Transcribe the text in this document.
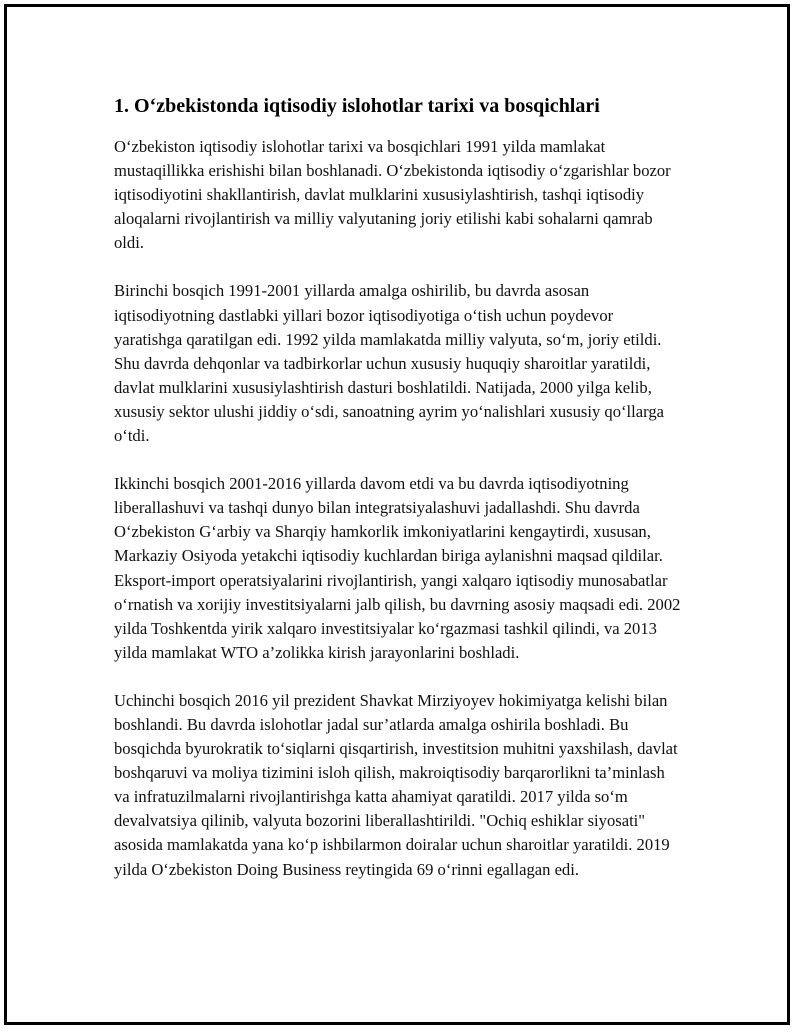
1. O‘zbekistonda iqtisodiy islohotlar tarixi va bosqichlari

O‘zbekiston iqtisodiy islohotlar tarixi va bosqichlari 1991 yilda mamlakat mustaqillikka erishishi bilan boshlanadi. O‘zbekistonda iqtisodiy o‘zgarishlar bozor iqtisodiyotini shakllantirish, davlat mulklarini xususiylashtirish, tashqi iqtisodiy aloqalarni rivojlantirish va milliy valyutaning joriy etilishi kabi sohalarni qamrab oldi.

Birinchi bosqich 1991-2001 yillarda amalga oshirilib, bu davrda asosan iqtisodiyotning dastlabki yillari bozor iqtisodiyotiga o‘tish uchun poydevor yaratishga qaratilgan edi. 1992 yilda mamlakatda milliy valyuta, so‘m, joriy etildi. Shu davrda dehqonlar va tadbirkorlar uchun xususiy huquqiy sharoitlar yaratildi, davlat mulklarini xususiylashtirish dasturi boshlatildi. Natijada, 2000 yilga kelib, xususiy sektor ulushi jiddiy o‘sdi, sanoatning ayrim yo‘nalishlari xususiy qo‘llarga o‘tdi.

Ikkinchi bosqich 2001-2016 yillarda davom etdi va bu davrda iqtisodiyotning liberallashuvi va tashqi dunyo bilan integratsiyalashuvi jadallashdi. Shu davrda O‘zbekiston G‘arbiy va Sharqiy hamkorlik imkoniyatlarini kengaytirdi, xususan, Markaziy Osiyoda yetakchi iqtisodiy kuchlardan biriga aylanishni maqsad qildilar. Eksport-import operatsiyalarini rivojlantirish, yangi xalqaro iqtisodiy munosabatlar o‘rnatish va xorijiy investitsiyalarni jalb qilish, bu davrning asosiy maqsadi edi. 2002 yilda Toshkentda yirik xalqaro investitsiyalar ko‘rgazmasi tashkil qilindi, va 2013 yilda mamlakat WTO a’zolikka kirish jarayonlarini boshladi.

Uchinchi bosqich 2016 yil prezident Shavkat Mirziyoyev hokimiyatga kelishi bilan boshlandi. Bu davrda islohotlar jadal sur’atlarda amalga oshirila boshladi. Bu bosqichda byurokratik to‘siqlarni qisqartirish, investitsion muhitni yaxshilash, davlat boshqaruvi va moliya tizimini isloh qilish, makroiqtisodiy barqarorlikni ta’minlash va infratuzilmalarni rivojlantirishga katta ahamiyat qaratildi. 2017 yilda so‘m devalvatsiya qilinib, valyuta bozorini liberallashtirildi. "Ochiq eshiklar siyosati" asosida mamlakatda yana ko‘p ishbilarmon doiralar uchun sharoitlar yaratildi. 2019 yilda O‘zbekiston Doing Business reytingida 69 o‘rinni egallagan edi.
